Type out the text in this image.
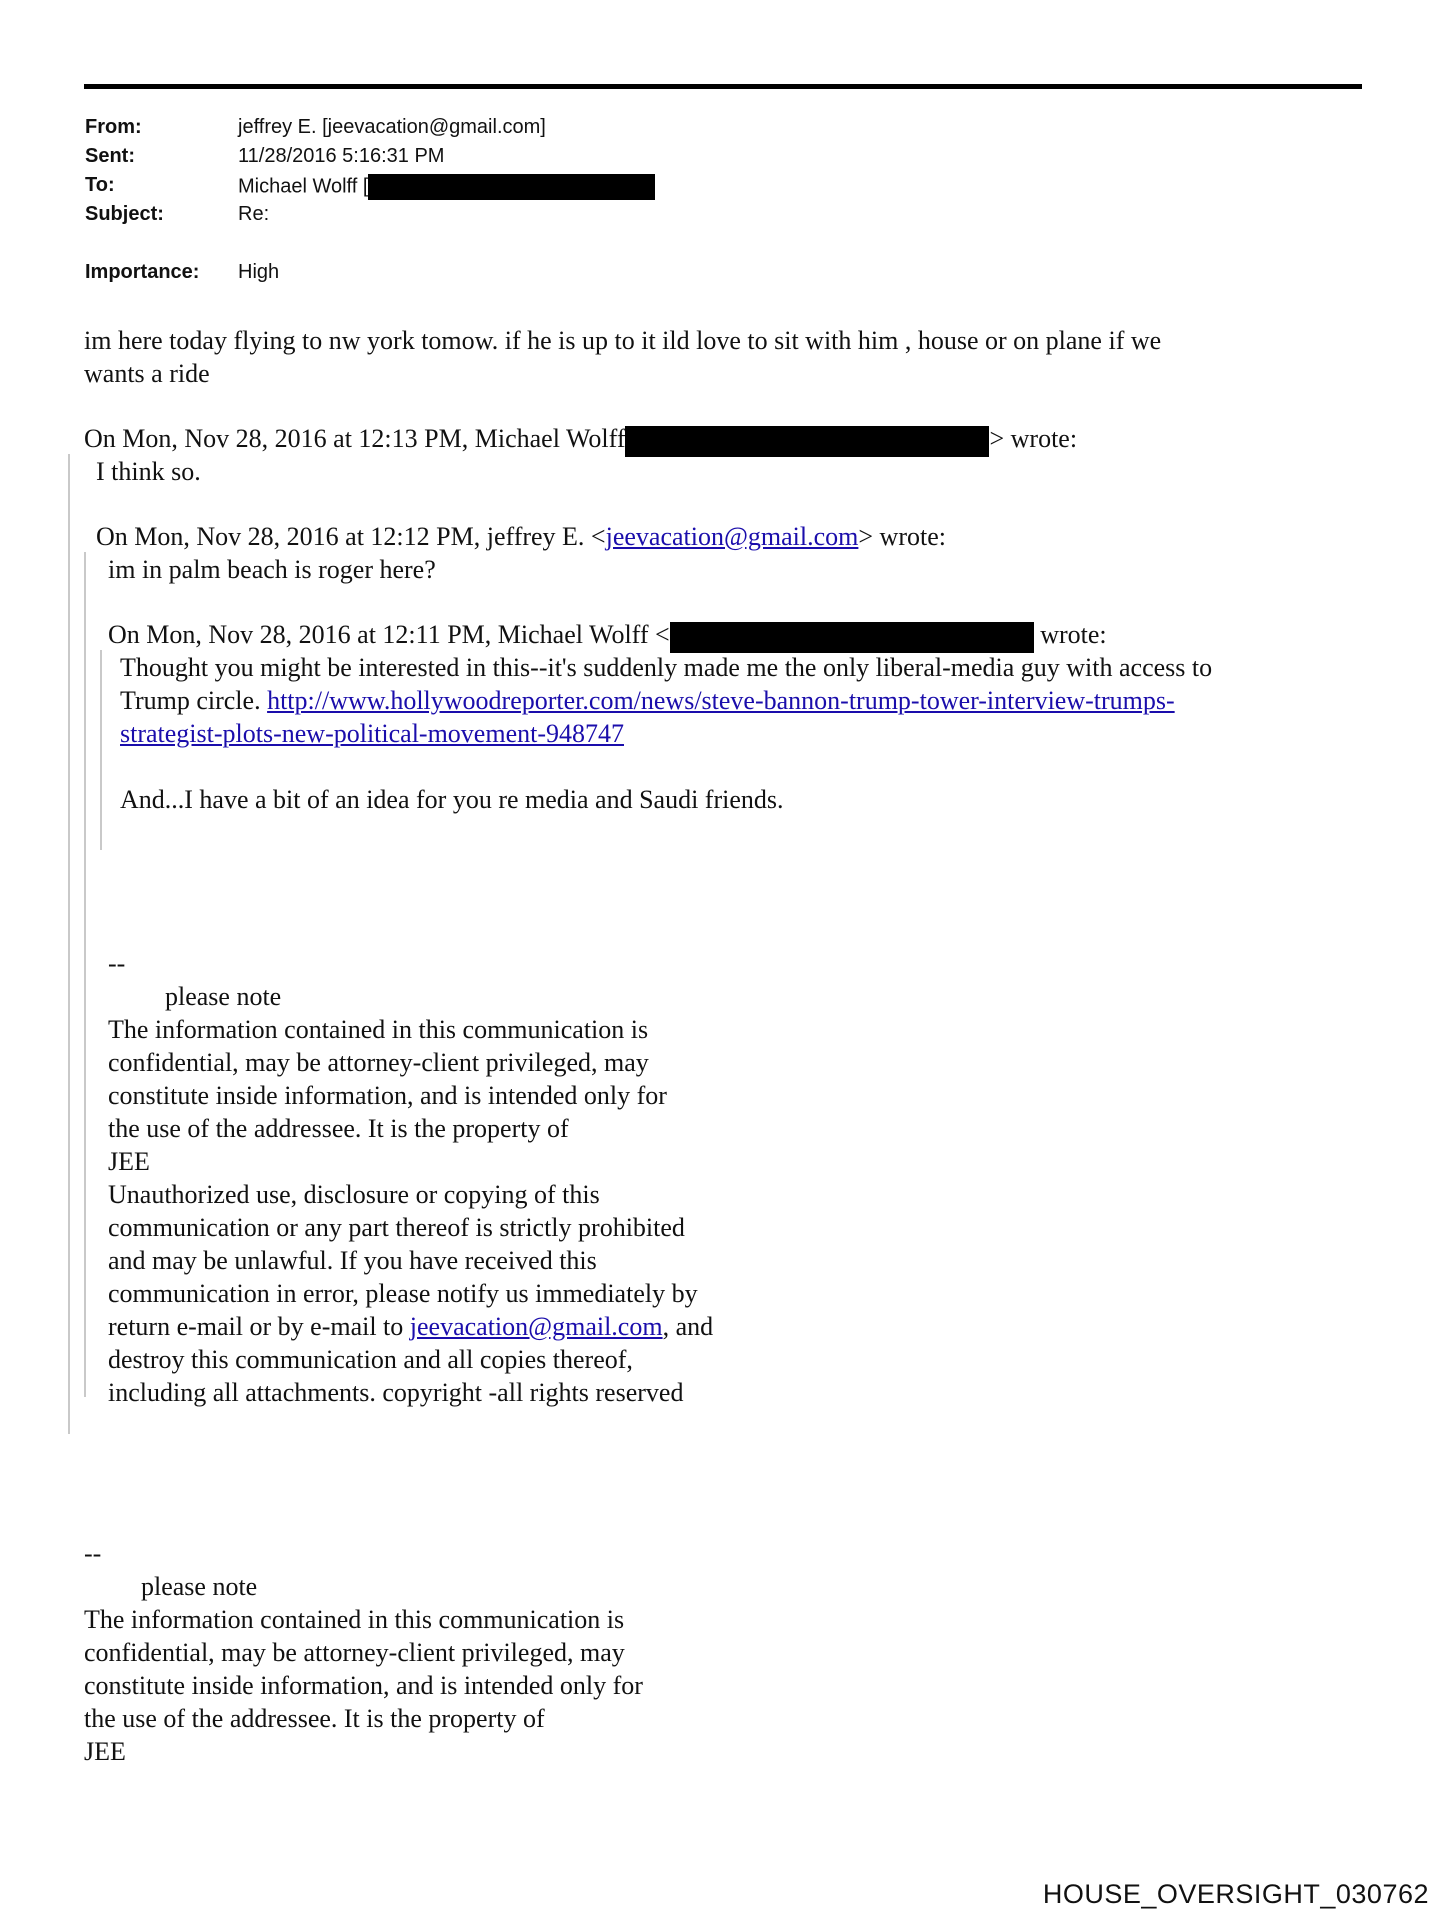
From:	jeffrey E. [jeevacation@gmail.com]
Sent:	11/28/2016 5:16:31 PM
To:	Michael Wolff [
Subject:	Re:
Importance: High
im here today flying to nw york tomow. if he is up to it ild love to sit with him , house or on plane if we
wants a ride
On Mon, Nov 28, 2016 at 12:13 PM, Michael Wolff	> wrote:
I think so.
On Mon, Nov 28, 2016 at 12:12 PM, jeffrey E. <jeevacation@gmail.com> wrote:
im in palm beach is roger here?
On Mon, Nov 28, 2016 at 12:11 PM, Michael Wolff <	wrote:
Thought you might be interested in this--it's suddenly made me the only liberal-media guy with access to
Trump circle. http://www.hollywoodreporter.com/news/steve-bannon-trump-tower-interview-trumps-
strategist-plots-new-political-movement-948747
And...I have a bit of an idea for you re media and Saudi friends.
--
please note
The information contained in this communication is
confidential, may be attorney-client privileged, may
constitute inside information, and is intended only for
the use of the addressee. It is the property of
JEE
Unauthorized use, disclosure or copying of this
communication or any part thereof is strictly prohibited
and may be unlawful. If you have received this
communication in error, please notify us immediately by
return e-mail or by e-mail to jeevacation@gmail.com, and
destroy this communication and all copies thereof,
including all attachments. copyright -all rights reserved
--
please note
The information contained in this communication is
confidential, may be attorney-client privileged, may
constitute inside information, and is intended only for
the use of the addressee. It is the property of
JEE
HOUSE_OVERSIGHT_030762
